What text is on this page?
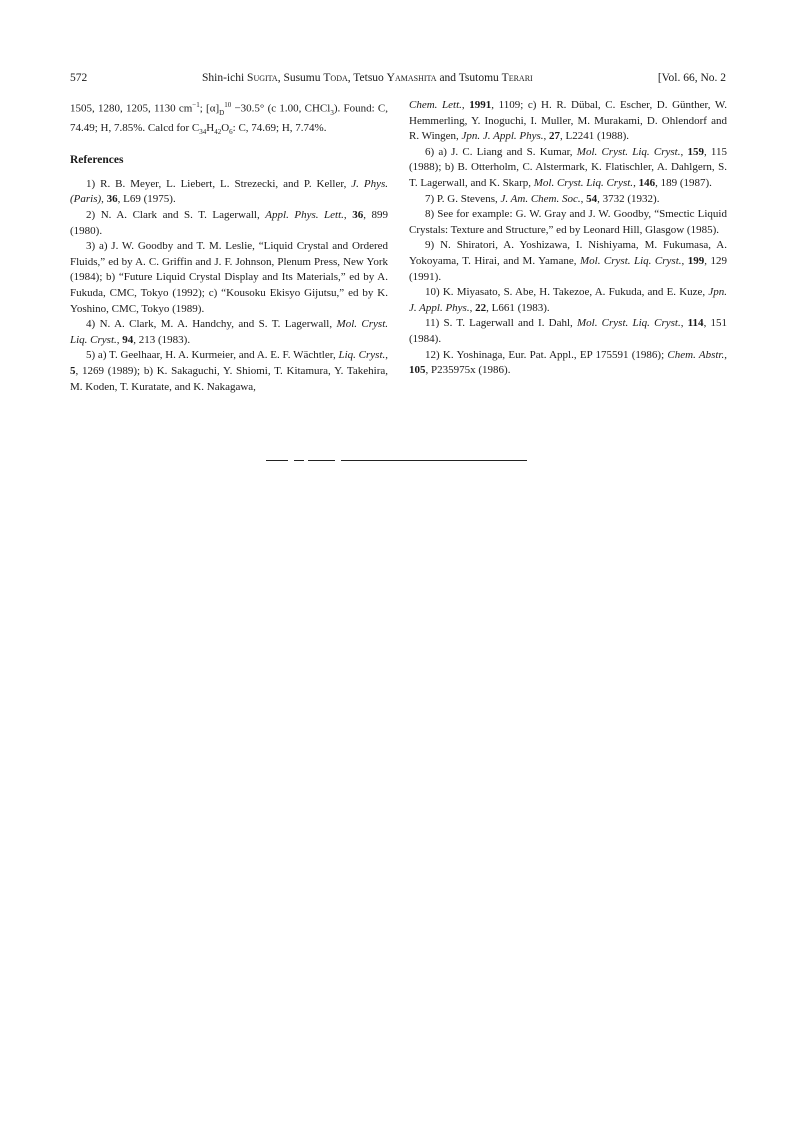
572	Shin-ichi Sugita, Susumu Toda, Tetsuo Yamashita and Tsutomu Terari	[Vol. 66, No. 2

1505, 1280, 1205, 1130 $cm^{-1}$; $[\alpha]_D^{10} -30.5^\circ$ (c 1.00, CHCl$_3$). Found: C, 74.49; H, 7.85%. Calcd for $C_{34}H_{42}O_6$: C, 74.69; H, 7.74%.

References

1) R. B. Meyer, L. Liebert, L. Strezecki, and P. Keller, J. Phys. (Paris), 36, L69 (1975).

2) N. A. Clark and S. T. Lagerwall, Appl. Phys. Lett., 36, 899 (1980).

3) a) J. W. Goodby and T. M. Leslie, “Liquid Crystal and Ordered Fluids,” ed by A. C. Griffin and J. F. Johnson, Plenum Press, New York (1984); b) “Future Liquid Crystal Display and Its Materials,” ed by A. Fukuda, CMC, Tokyo (1992); c) “Kousoku Ekisyo Gijutsu,” ed by K. Yoshino, CMC, Tokyo (1989).

4) N. A. Clark, M. A. Handchy, and S. T. Lagerwall, Mol. Cryst. Liq. Cryst., 94, 213 (1983).

5) a) T. Geelhaar, H. A. Kurmeier, and A. E. F. Wächtler, Liq. Cryst., 5, 1269 (1989); b) K. Sakaguchi, Y. Shiomi, T. Kitamura, Y. Takehira, M. Koden, T. Kuratate, and K. Nakagawa,

Chem. Lett., 1991, 1109; c) H. R. Dübal, C. Escher, D. Günther, W. Hemmerling, Y. Inoguchi, I. Muller, M. Murakami, D. Ohlendorf and R. Wingen, Jpn. J. Appl. Phys., 27, L2241 (1988).

6) a) J. C. Liang and S. Kumar, Mol. Cryst. Liq. Cryst., 159, 115 (1988); b) B. Otterholm, C. Alstermark, K. Flatischler, A. Dahlgern, S. T. Lagerwall, and K. Skarp, Mol. Cryst. Liq. Cryst., 146, 189 (1987).

7) P. G. Stevens, J. Am. Chem. Soc., 54, 3732 (1932).

8) See for example: G. W. Gray and J. W. Goodby, “Smectic Liquid Crystals: Texture and Structure,” ed by Leonard Hill, Glasgow (1985).

9) N. Shiratori, A. Yoshizawa, I. Nishiyama, M. Fukumasa, A. Yokoyama, T. Hirai, and M. Yamane, Mol. Cryst. Liq. Cryst., 199, 129 (1991).

10) K. Miyasato, S. Abe, H. Takezoe, A. Fukuda, and E. Kuze, Jpn. J. Appl. Phys., 22, L661 (1983).

11) S. T. Lagerwall and I. Dahl, Mol. Cryst. Liq. Cryst., 114, 151 (1984).

12) K. Yoshinaga, Eur. Pat. Appl., EP 175591 (1986); Chem. Abstr., 105, P235975x (1986).
